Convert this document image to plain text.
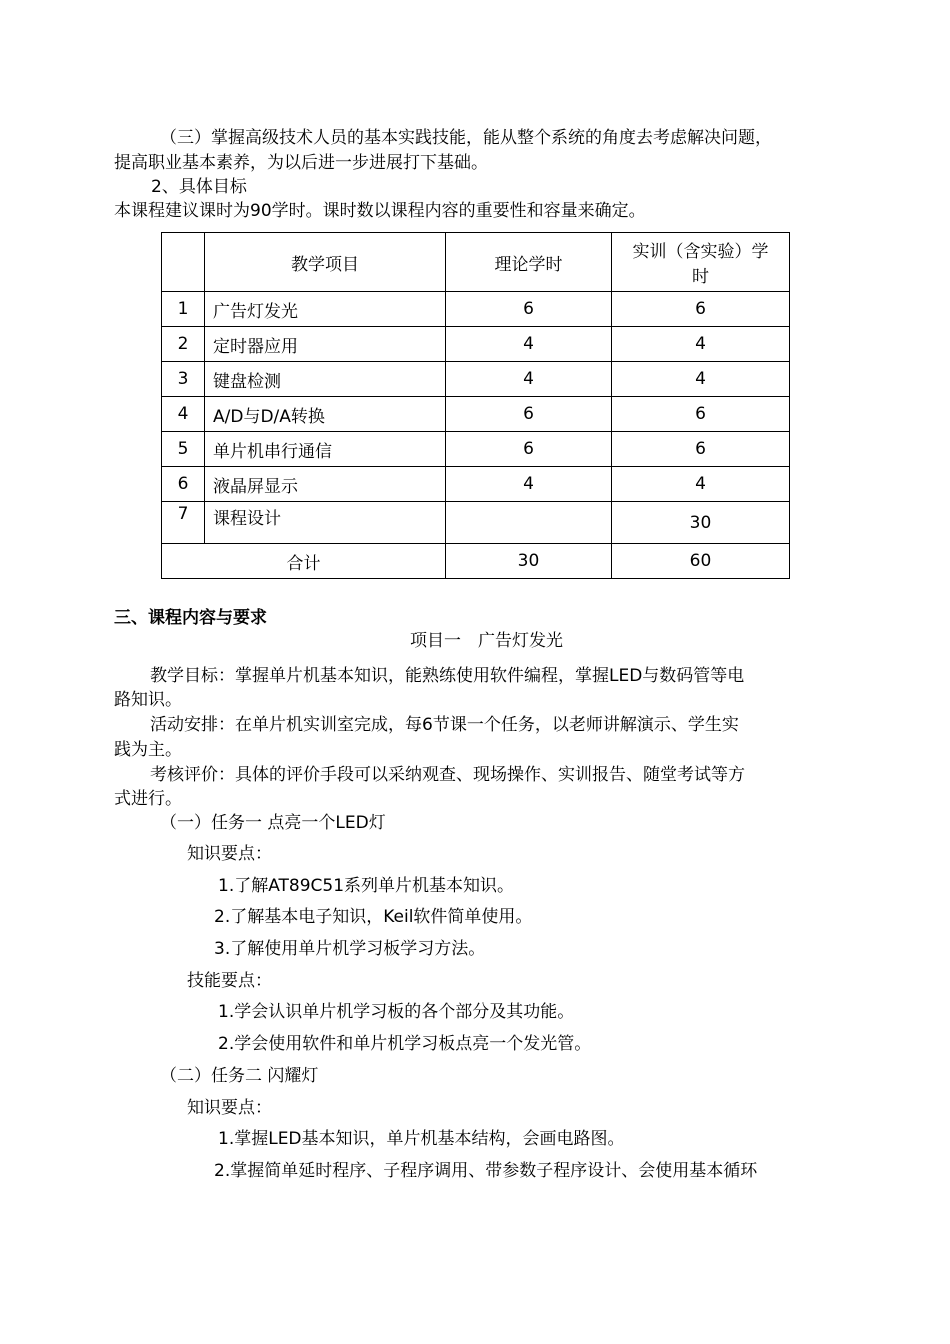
（三）掌握高级技术人员的基本实践技能，能从整个系统的角度去考虑解决问题，
提高职业基本素养，为以后进一步进展打下基础。
2、具体目标
本课程建议课时为90学时。课时数以课程内容的重要性和容量来确定。
	教学项目	理论学时	实训（含实验）学
时

1	广告灯发光	6	6
2	定时器应用	4	4
3	键盘检测	4	4
4	A/D与D/A转换	6	6
5	单片机串行通信	6	6
6	液晶屏显示	4	4
7	课程设计		30
合计		30	60
三、课程内容与要求
项目一　广告灯发光
教学目标：掌握单片机基本知识，能熟练使用软件编程，掌握LED与数码管等电
路知识。
活动安排：在单片机实训室完成，每6节课一个任务，以老师讲解演示、学生实
践为主。
考核评价：具体的评价手段可以采纳观查、现场操作、实训报告、随堂考试等方
式进行。
（一）任务一 点亮一个LED灯
知识要点：
1.了解AT89C51系列单片机基本知识。
2.了解基本电子知识，Keil软件简单使用。
3.了解使用单片机学习板学习方法。
技能要点：
1.学会认识单片机学习板的各个部分及其功能。
2.学会使用软件和单片机学习板点亮一个发光管。
（二）任务二 闪耀灯
知识要点：
1.掌握LED基本知识，单片机基本结构，会画电路图。
2.掌握简单延时程序、子程序调用、带参数子程序设计、会使用基本循环
